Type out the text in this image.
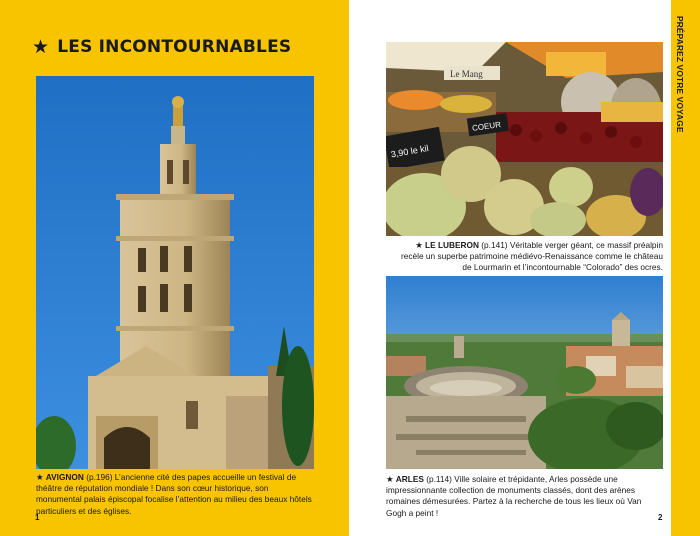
★ LES INCONTOURNABLES
★ AVIGNON (p.196) L’ancienne cité des papes accueille un festival de théâtre de réputation mondiale ! Dans son cœur historique, son monumental palais épiscopal focalise l’attention au milieu des beaux hôtels particuliers et des églises.
1
Le Mang
3,90 le kil
COEUR
★ LE LUBERON (p.141) Véritable verger géant, ce massif préalpin recèle un superbe patrimoine médiévo-Renaissance comme le château de Lourmarin et l’incontournable “Colorado” des ocres.
★ ARLES (p.114) Ville solaire et trépidante, Arles possède une impressionnante collection de monuments classés, dont des arènes romaines démesurées. Partez à la recherche de tous les lieux où Van Gogh a peint !	2
PRÉPAREZ VOTRE VOYAGE
